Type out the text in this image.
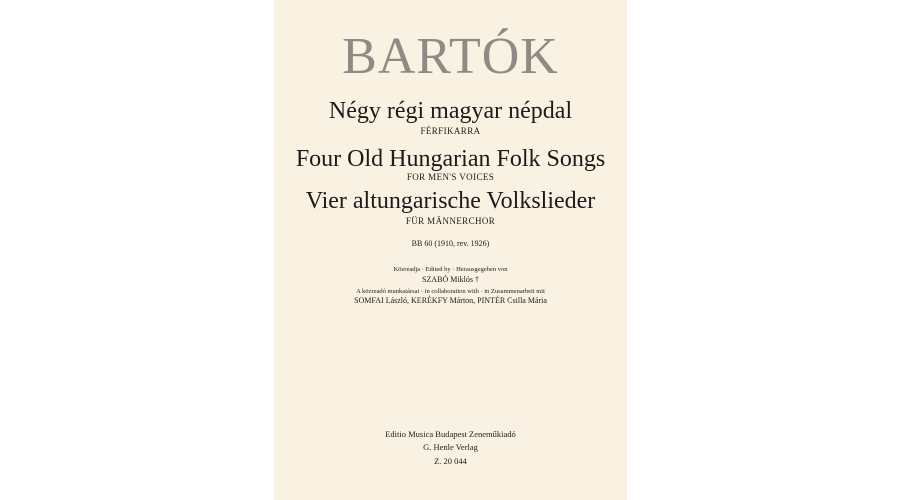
BARTÓK
Négy régi magyar népdal
FÉRFIKARRA
Four Old Hungarian Folk Songs
FOR MEN'S VOICES
Vier altungarische Volkslieder
FÜR MÄNNERCHOR
BB 60 (1910, rev. 1926)
Közreadja · Edited by · Herausgegeben von
SZABÓ Miklós †
A közreadó munkatársai · in collaboration with · in Zusammenarbeit mit
SOMFAI László, KERÉKFY Márton, PINTÉR Csilla Mária
Editio Musica Budapest Zeneműkiadó
G. Henle Verlag
Z. 20 044
